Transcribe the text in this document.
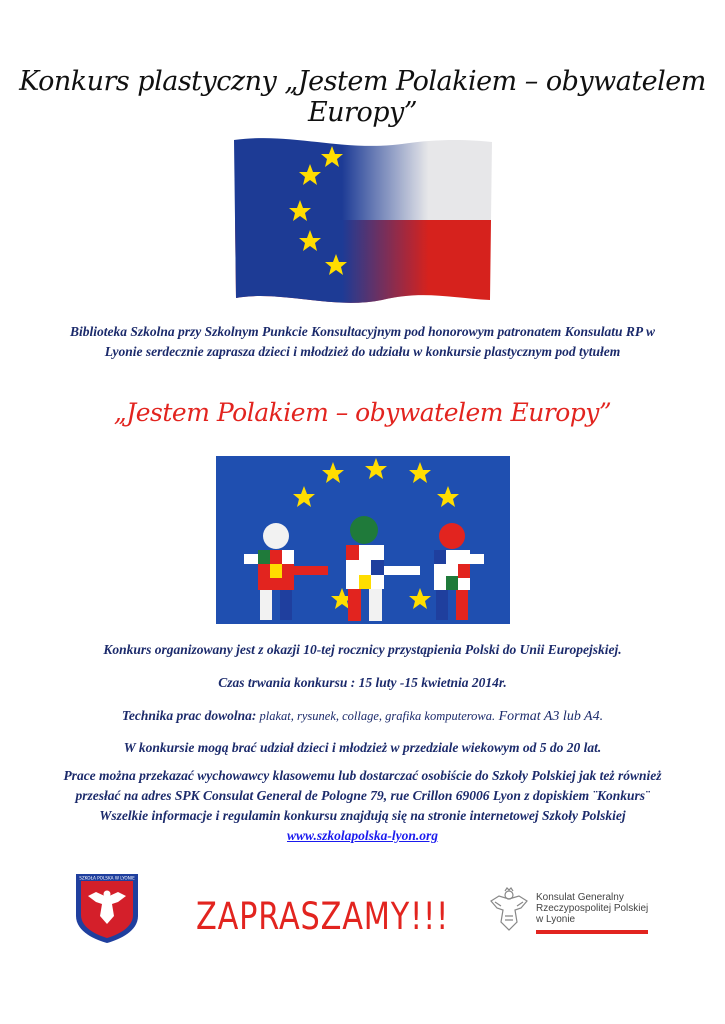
Konkurs plastyczny „Jestem Polakiem – obywatelem Europy”
Biblioteka Szkolna przy Szkolnym Punkcie Konsultacyjnym pod honorowym patronatem Konsulatu RP w Lyonie serdecznie zaprasza dzieci i młodzież do udziału w konkursie plastycznym pod tytułem
„Jestem Polakiem – obywatelem Europy”
Konkurs organizowany jest z okazji 10-tej rocznicy przystąpienia Polski do Unii Europejskiej.
Czas trwania konkursu : 15 luty -15 kwietnia 2014r.
Technika prac dowolna: plakat, rysunek, collage, grafika komputerowa. Format A3 lub A4.
W konkursie mogą brać udział dzieci i młodzież w przedziale wiekowym od 5 do 20 lat.
Prace można przekazać wychowawcy klasowemu lub dostarczać osobiście do Szkoły Polskiej jak też również przesłać na adres SPK Consulat General de Pologne 79, rue Crillon 69006 Lyon z dopiskiem ¨Konkurs¨
Wszelkie informacje i regulamin konkursu znajdują się na stronie internetowej Szkoły Polskiej
www.szkolapolska-lyon.org
SZKOŁA POLSKA W LYONIE
ZAPRASZAMY!!!	Konsulat Generalny
Rzeczypospolitej Polskiej
w Lyonie
